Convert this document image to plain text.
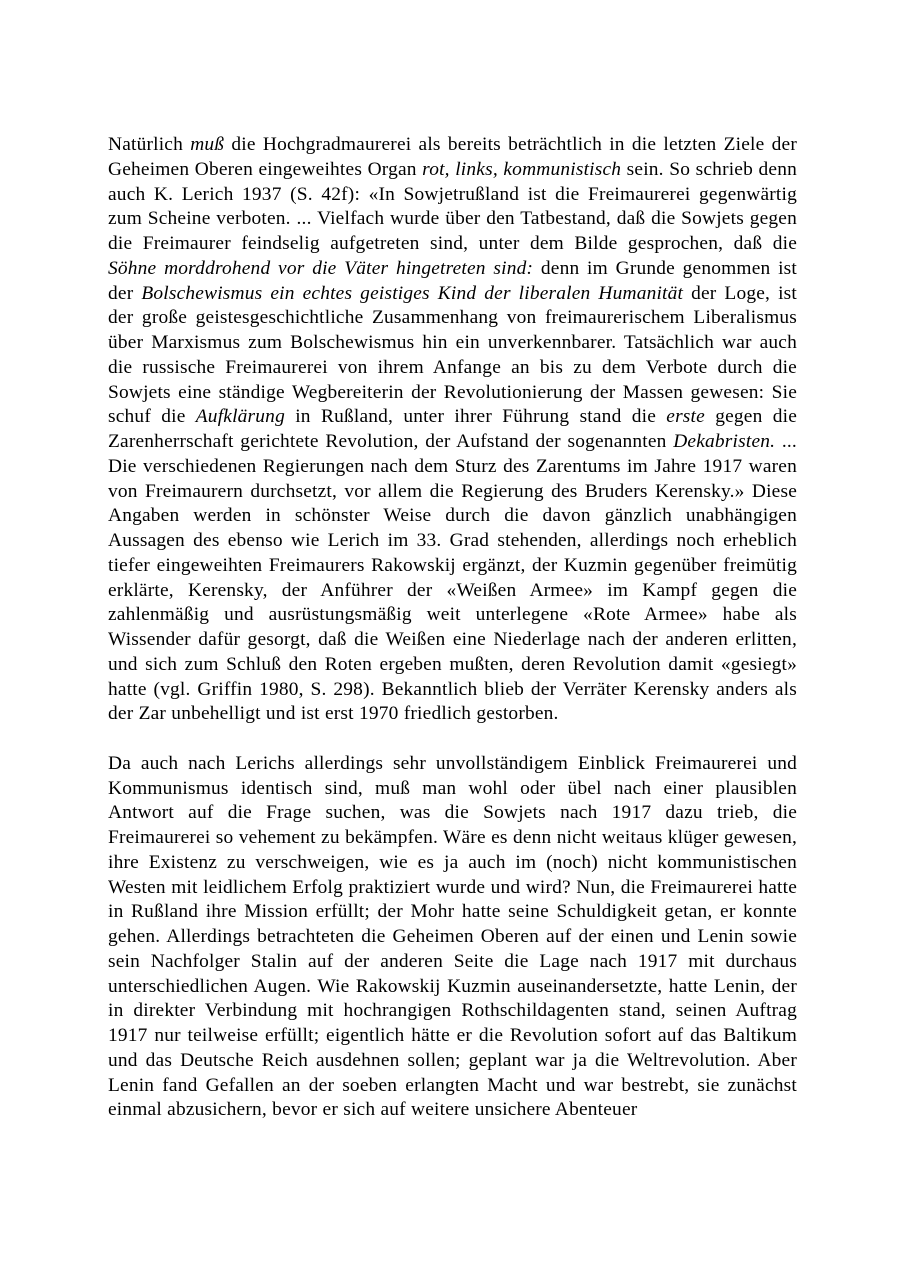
Natürlich muß die Hochgradmaurerei als bereits beträchtlich in die letzten Ziele der Geheimen Oberen eingeweihtes Organ rot, links, kommunistisch sein. So schrieb denn auch K. Lerich 1937 (S. 42f): «In Sowjetrußland ist die Freimaurerei gegenwärtig zum Scheine verboten. ... Vielfach wurde über den Tatbestand, daß die Sowjets gegen die Freimaurer feindselig aufgetreten sind, unter dem Bilde gesprochen, daß die Söhne morddrohend vor die Väter hingetreten sind: denn im Grunde genommen ist der Bolschewismus ein echtes geistiges Kind der liberalen Humanität der Loge, ist der große geistesgeschichtliche Zusammenhang von freimaurerischem Liberalismus über Marxismus zum Bolschewismus hin ein unverkennbarer. Tatsächlich war auch die russische Freimaurerei von ihrem Anfange an bis zu dem Verbote durch die Sowjets eine ständige Wegbereiterin der Revolutionierung der Massen gewesen: Sie schuf die Aufklärung in Rußland, unter ihrer Führung stand die erste gegen die Zarenherrschaft gerichtete Revolution, der Aufstand der sogenannten Dekabristen. ... Die verschiedenen Regierungen nach dem Sturz des Zarentums im Jahre 1917 waren von Freimaurern durchsetzt, vor allem die Regierung des Bruders Kerensky.» Diese Angaben werden in schönster Weise durch die davon gänzlich unabhängigen Aussagen des ebenso wie Lerich im 33. Grad stehenden, allerdings noch erheblich tiefer eingeweihten Freimaurers Rakowskij ergänzt, der Kuzmin gegenüber freimütig erklärte, Kerensky, der Anführer der «Weißen Armee» im Kampf gegen die zahlenmäßig und ausrüstungsmäßig weit unterlegene «Rote Armee» habe als Wissender dafür gesorgt, daß die Weißen eine Niederlage nach der anderen erlitten, und sich zum Schluß den Roten ergeben mußten, deren Revolution damit «gesiegt» hatte (vgl. Griffin 1980, S. 298). Bekanntlich blieb der Verräter Kerensky anders als der Zar unbehelligt und ist erst 1970 friedlich gestorben.

Da auch nach Lerichs allerdings sehr unvollständigem Einblick Freimaurerei und Kommunismus identisch sind, muß man wohl oder übel nach einer plausiblen Antwort auf die Frage suchen, was die Sowjets nach 1917 dazu trieb, die Freimaurerei so vehement zu bekämpfen. Wäre es denn nicht weitaus klüger gewesen, ihre Existenz zu verschweigen, wie es ja auch im (noch) nicht kommunistischen Westen mit leidlichem Erfolg praktiziert wurde und wird? Nun, die Freimaurerei hatte in Rußland ihre Mission erfüllt; der Mohr hatte seine Schuldigkeit getan, er konnte gehen. Allerdings betrachteten die Geheimen Oberen auf der einen und Lenin sowie sein Nachfolger Stalin auf der anderen Seite die Lage nach 1917 mit durchaus unterschiedlichen Augen. Wie Rakowskij Kuzmin auseinandersetzte, hatte Lenin, der in direkter Verbindung mit hochrangigen Rothschildagenten stand, seinen Auftrag 1917 nur teilweise erfüllt; eigentlich hätte er die Revolution sofort auf das Baltikum und das Deutsche Reich ausdehnen sollen; geplant war ja die Weltrevolution. Aber Lenin fand Gefallen an der soeben erlangten Macht und war bestrebt, sie zunächst einmal abzusichern, bevor er sich auf weitere unsichere Abenteuer
